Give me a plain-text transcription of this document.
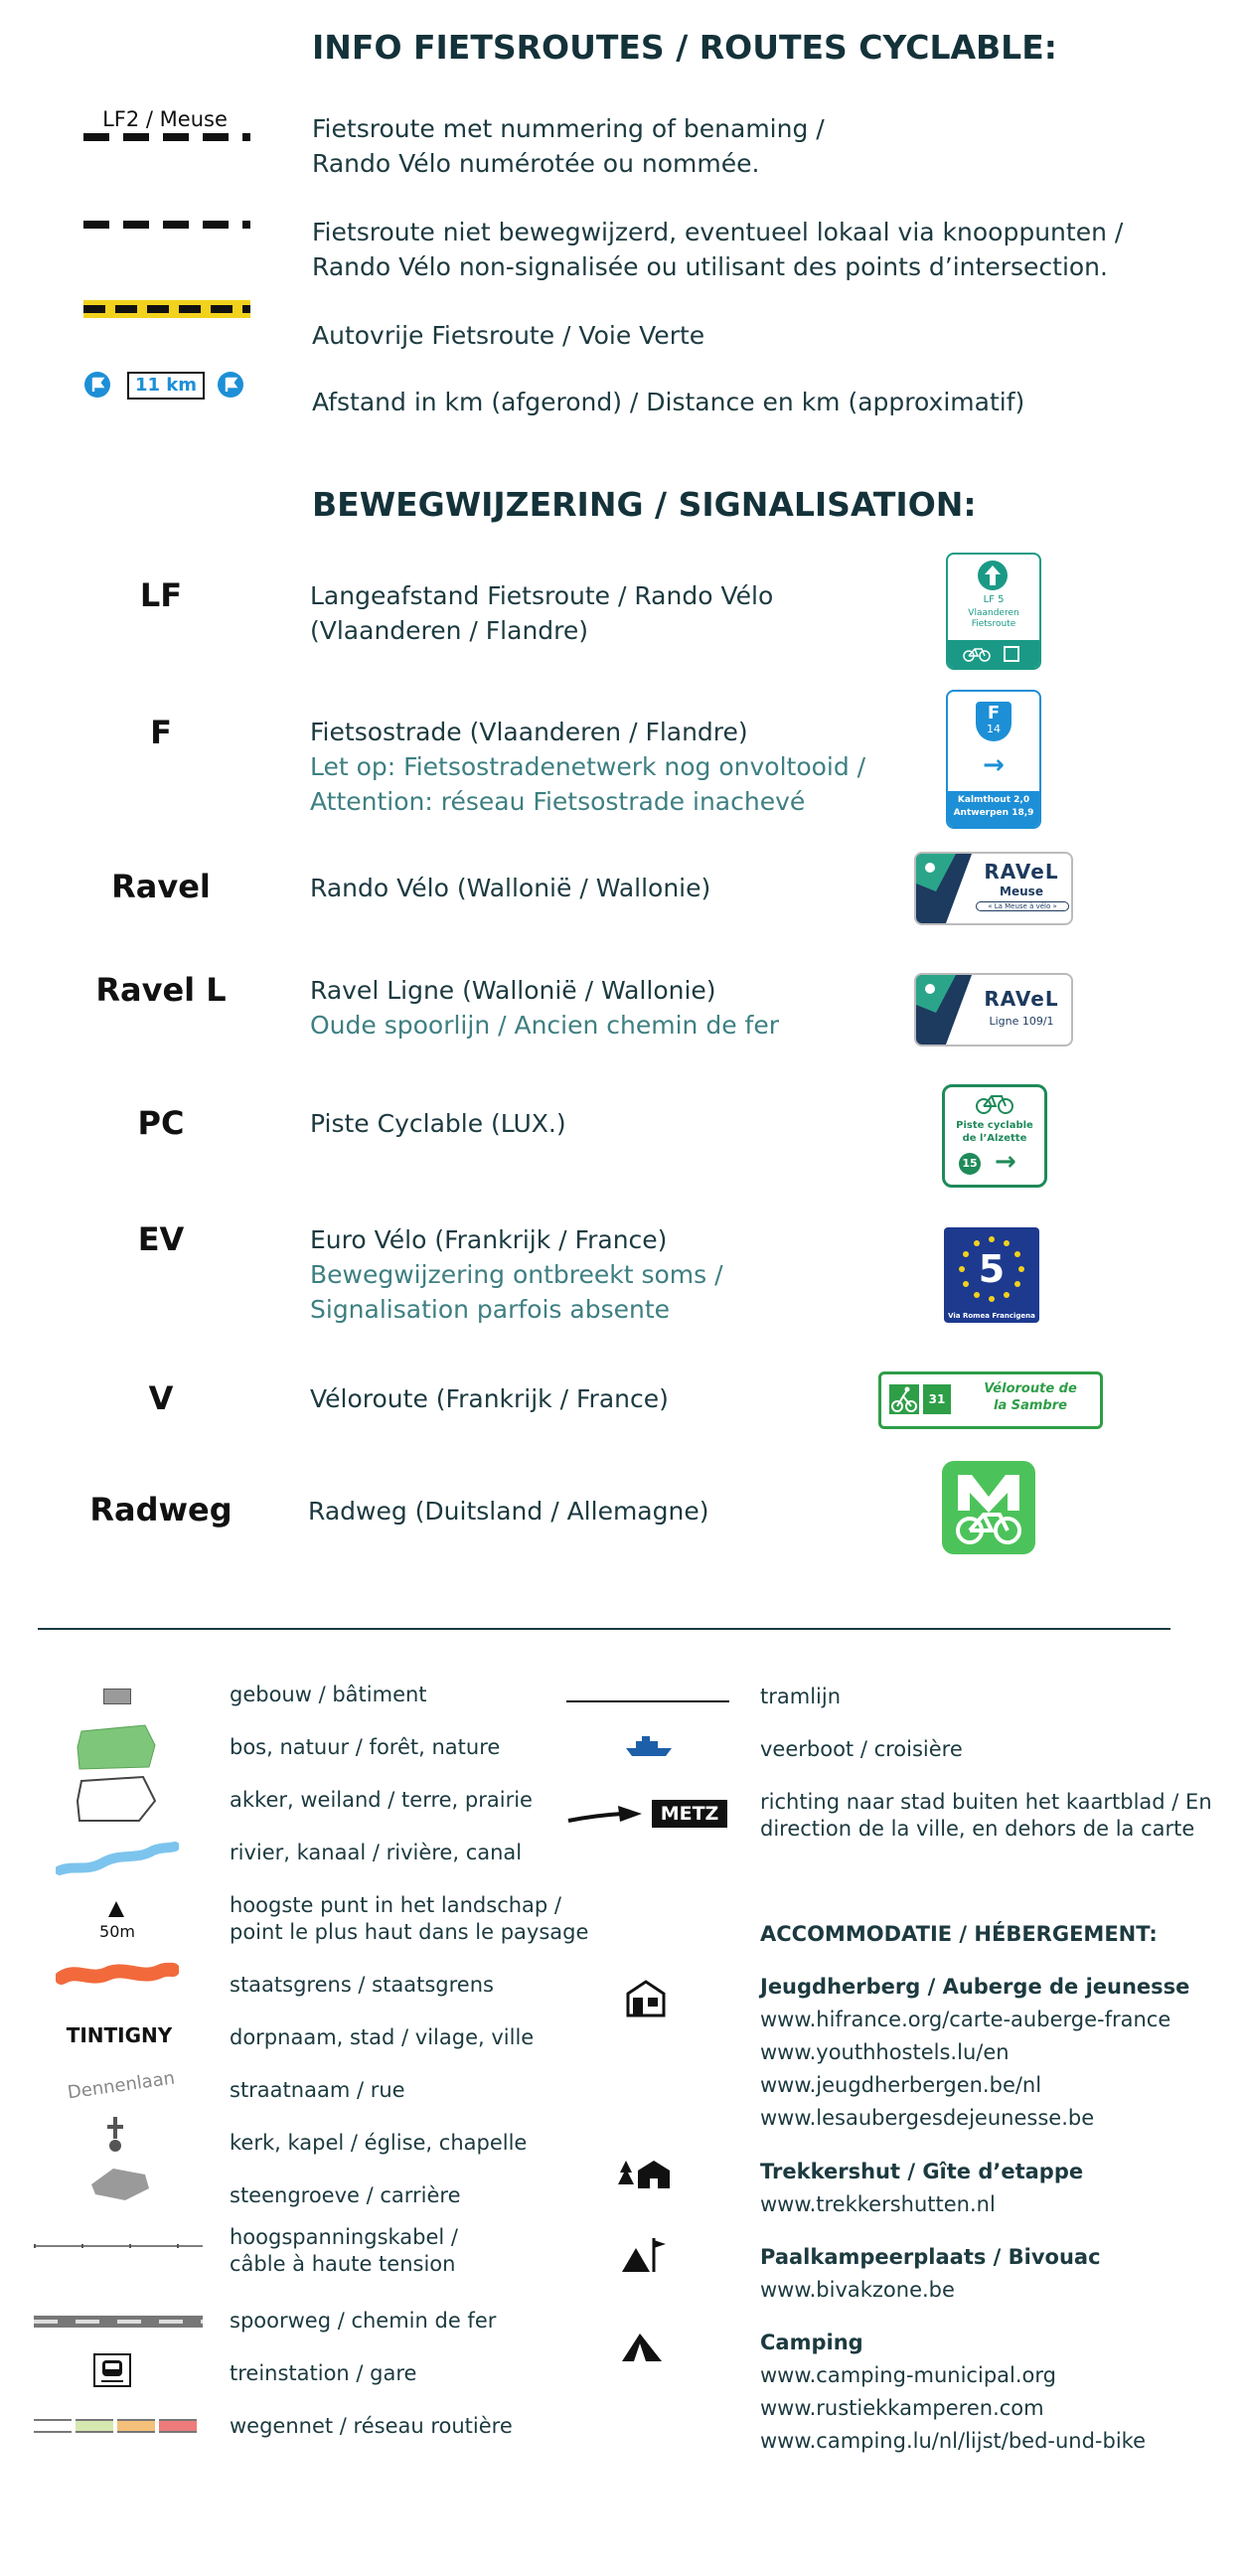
INFO FIETSROUTES / ROUTES CYCLABLE:
LF2 / Meuse	Fietsroute met nummering of benaming /
Rando Vélo numérotée ou nommée.
Fietsroute niet bewegwijzerd, eventueel lokaal via knooppunten /
Rando Vélo non-signalisée ou utilisant des points d’intersection.
Autovrije Fietsroute / Voie Verte
11 km
Afstand in km (afgerond) / Distance en km (approximatif)
BEWEGWIJZERING / SIGNALISATION:
LF	Langeafstand Fietsroute / Rando Vélo
(Vlaanderen / Flandre)
LF 5
Vlaanderen
Fietsroute
F	Fietsostrade (Vlaanderen / Flandre)
Let op: Fietsostradenetwerk nog onvoltooid /
Attention: réseau Fietsostrade inachevé
F
14
→
Kalmthout 2,0
Antwerpen 18,9
Ravel	Rando Vélo (Wallonië / Wallonie)
RAVeL
Meuse
« La Meuse à vélo »
Ravel L	Ravel Ligne (Wallonië / Wallonie)
Oude spoorlijn / Ancien chemin de fer
RAVeL
Ligne 109/1
PC	Piste Cyclable (LUX.)	Piste cyclable
de l’Alzette
15 →
EV	Euro Vélo (Frankrijk / France)
Bewegwijzering ontbreekt soms /
Signalisation parfois absente
5
Via Romea Francigena
V	Véloroute (Frankrijk / France)	31
Véloroute de
la Sambre
Radweg	Radweg (Duitsland / Allemagne)
gebouw / bâtiment
bos, natuur / forêt, nature
akker, weiland / terre, prairie
rivier, kanaal / rivière, canal
50m
hoogste punt in het landschap /
point le plus haut dans le paysage
staatsgrens / staatsgrens
TINTIGNY	dorpnaam, stad / vilage, ville
Dennenlaan	straatnaam / rue
kerk, kapel / église, chapelle
steengroeve / carrière
hoogspanningskabel /
câble à haute tension
spoorweg / chemin de fer
treinstation / gare
wegennet / réseau routière
tramlijn
veerboot / croisière
METZ	richting naar stad buiten het kaartblad / En
direction de la ville, en dehors de la carte
ACCOMMODATIE / HÉBERGEMENT:
Jeugdherberg / Auberge de jeunesse
www.hifrance.org/carte-auberge-france
www.youthhostels.lu/en
www.jeugdherbergen.be/nl
www.lesaubergesdejeunesse.be
Trekkershut / Gîte d’etappe
www.trekkershutten.nl
Paalkampeerplaats / Bivouac
www.bivakzone.be
Camping
www.camping-municipal.org
www.rustiekkamperen.com
www.camping.lu/nl/lijst/bed-und-bike
